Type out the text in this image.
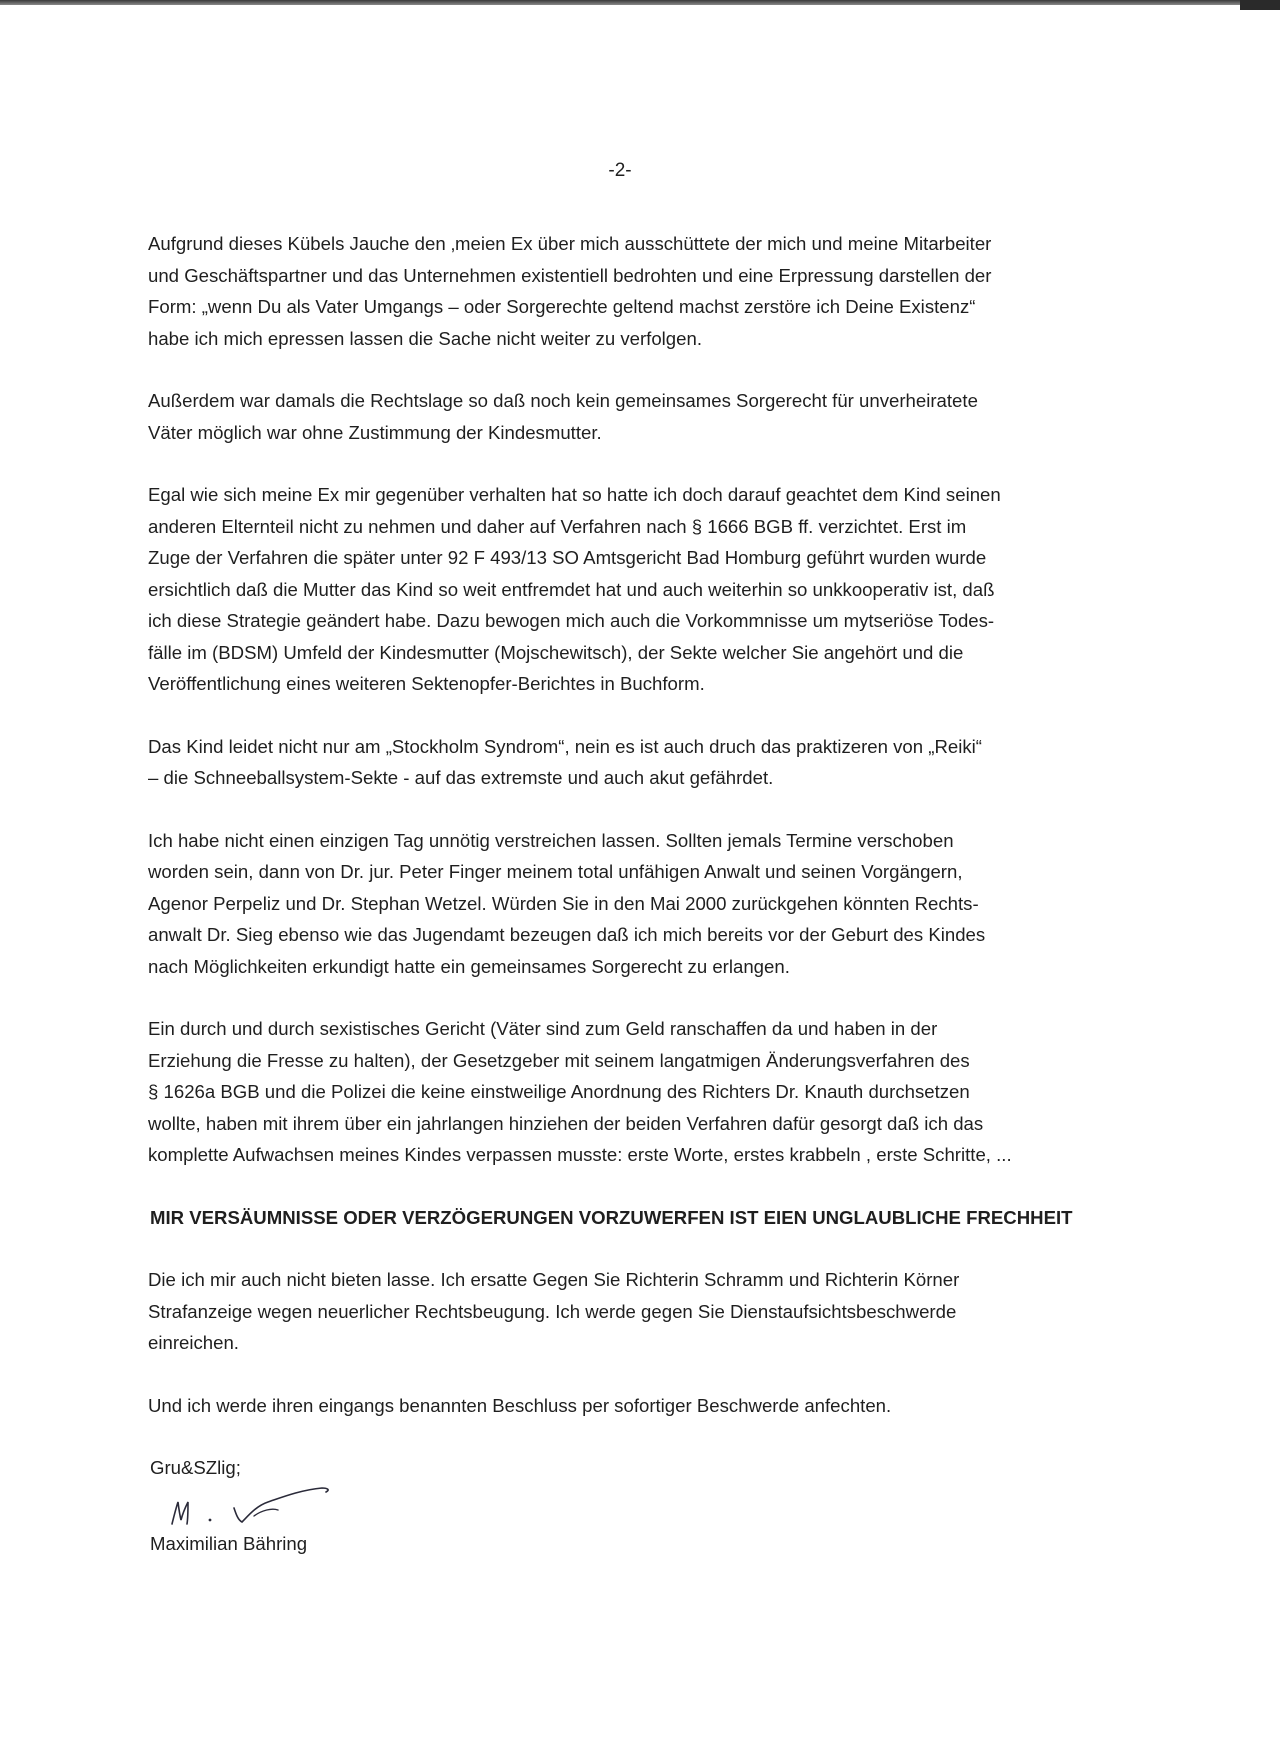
-2-
Aufgrund dieses Kübels Jauche den ‚meien Ex über mich ausschüttete der mich und meine Mitarbeiter
und Geschäftspartner und das Unternehmen existentiell bedrohten und eine Erpressung darstellen der
Form: „wenn Du als Vater Umgangs – oder Sorgerechte geltend machst zerstöre ich Deine Existenz“
habe ich mich epressen lassen die Sache nicht weiter zu verfolgen.
Außerdem war damals die Rechtslage so daß noch kein gemeinsames Sorgerecht für unverheiratete
Väter möglich war ohne Zustimmung der Kindesmutter.
Egal wie sich meine Ex mir gegenüber verhalten hat so hatte ich doch darauf geachtet dem Kind seinen
anderen Elternteil nicht zu nehmen und daher auf Verfahren nach § 1666 BGB ff. verzichtet. Erst im
Zuge der Verfahren die später unter 92 F 493/13 SO Amtsgericht Bad Homburg geführt wurden wurde
ersichtlich daß die Mutter das Kind so weit entfremdet hat und auch weiterhin so unkkooperativ ist, daß
ich diese Strategie geändert habe. Dazu bewogen mich auch die Vorkommnisse um mytseriöse Todes-
fälle im (BDSM) Umfeld der Kindesmutter (Mojschewitsch), der Sekte welcher Sie angehört und die
Veröffentlichung eines weiteren Sektenopfer-Berichtes in Buchform.
Das Kind leidet nicht nur am „Stockholm Syndrom“, nein es ist auch druch das praktizeren von „Reiki“
– die Schneeballsystem-Sekte - auf das extremste und auch akut gefährdet.
Ich habe nicht einen einzigen Tag unnötig verstreichen lassen. Sollten jemals Termine verschoben
worden sein, dann von Dr. jur. Peter Finger meinem total unfähigen Anwalt und seinen Vorgängern,
Agenor Perpeliz und Dr. Stephan Wetzel. Würden Sie in den Mai 2000 zurückgehen könnten Rechts-
anwalt Dr. Sieg ebenso wie das Jugendamt bezeugen daß ich mich bereits vor der Geburt des Kindes
nach Möglichkeiten erkundigt hatte ein gemeinsames Sorgerecht zu erlangen.
Ein durch und durch sexistisches Gericht (Väter sind zum Geld ranschaffen da und haben in der
Erziehung die Fresse zu halten), der Gesetzgeber mit seinem langatmigen Änderungsverfahren des
§ 1626a BGB und die Polizei die keine einstweilige Anordnung des Richters Dr. Knauth durchsetzen
wollte, haben mit ihrem über ein jahrlangen hinziehen der beiden Verfahren dafür gesorgt daß ich das
komplette Aufwachsen meines Kindes verpassen musste: erste Worte, erstes krabbeln , erste Schritte, ...
MIR VERSÄUMNISSE ODER VERZÖGERUNGEN VORZUWERFEN IST EIEN UNGLAUBLICHE FRECHHEIT
Die ich mir auch nicht bieten lasse. Ich ersatte Gegen Sie Richterin Schramm und Richterin Körner
Strafanzeige wegen neuerlicher Rechtsbeugung. Ich werde gegen Sie Dienstaufsichtsbeschwerde
einreichen.
Und ich werde ihren eingangs benannten Beschluss per sofortiger Beschwerde anfechten.
Gru&SZlig;
Maximilian Bähring
